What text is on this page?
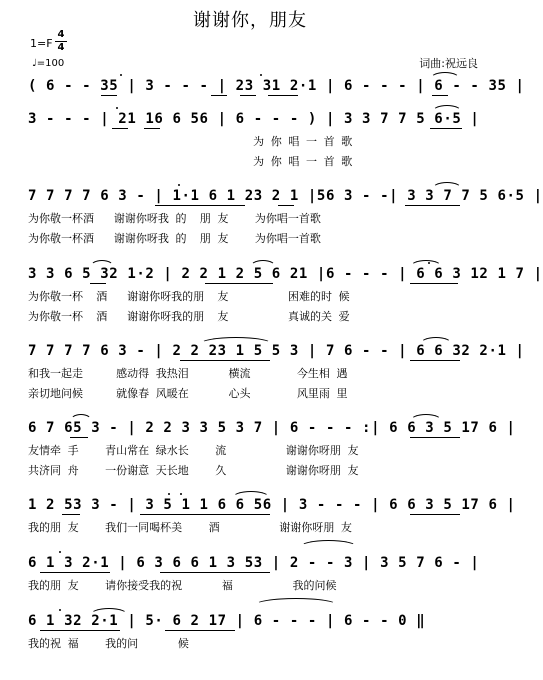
谢谢你，朋友
1=F
4
4
♩=100	词曲:祝远良
( 6 - - 35 | 3 - - - | 23 31 2·1 | 6 - - - | 6 - - 35 |
3 - - - | 21 16 6 56 | 6 - - - ) | 3 3 7 7 5 6·5 |
为 你 唱 一 首 歌
为 你 唱 一 首 歌
7 7 7 7 6 3 - | 1·1 6 1 23 2 1 |56 3 - -| 3 3 7 7 5 6·5 |
为你敬一杯酒   谢谢你呀我 的  朋 友    为你唱一首歌
为你敬一杯酒   谢谢你呀我 的  朋 友    为你唱一首歌
3 3 6 5 32 1·2 | 2 2 1 2 5 6 21 |6 - - - | 6 6 3 12 1 7 |
为你敬一杯  酒   谢谢你呀我的朋  友         困难的时 候
为你敬一杯  酒   谢谢你呀我的朋  友         真诚的关 爱
7 7 7 7 6 3 - | 2 2 23 1 5 5 3 | 7 6 - - | 6 6 32 2·1 |
和我一起走     感动得 我热泪      横流       今生相 遇
亲切地问候     就像春 风暖在      心头       风里雨 里
6 7 65 3 - | 2 2 3 3 5 3 7 | 6 - - - :| 6 6 3 5 17 6 |
友情牵 手    青山常在 绿水长    流         谢谢你呀朋 友
共济同 舟    一份谢意 天长地    久         谢谢你呀朋 友
1 2 53 3 - | 3 5 1 1 6 6 56 | 3 - - - | 6 6 3 5 17 6 |
我的朋 友    我们一同喝杯美    酒         谢谢你呀朋 友
6 1 3 2·1 | 6 3 6 6 1 3 53 | 2 - - 3 | 3 5 7 6 - |
我的朋 友    请你接受我的祝      福         我的问候
6 1 32 2·1 | 5· 6 2 17 | 6 - - - | 6 - - 0 ‖
我的祝 福    我的问      候
